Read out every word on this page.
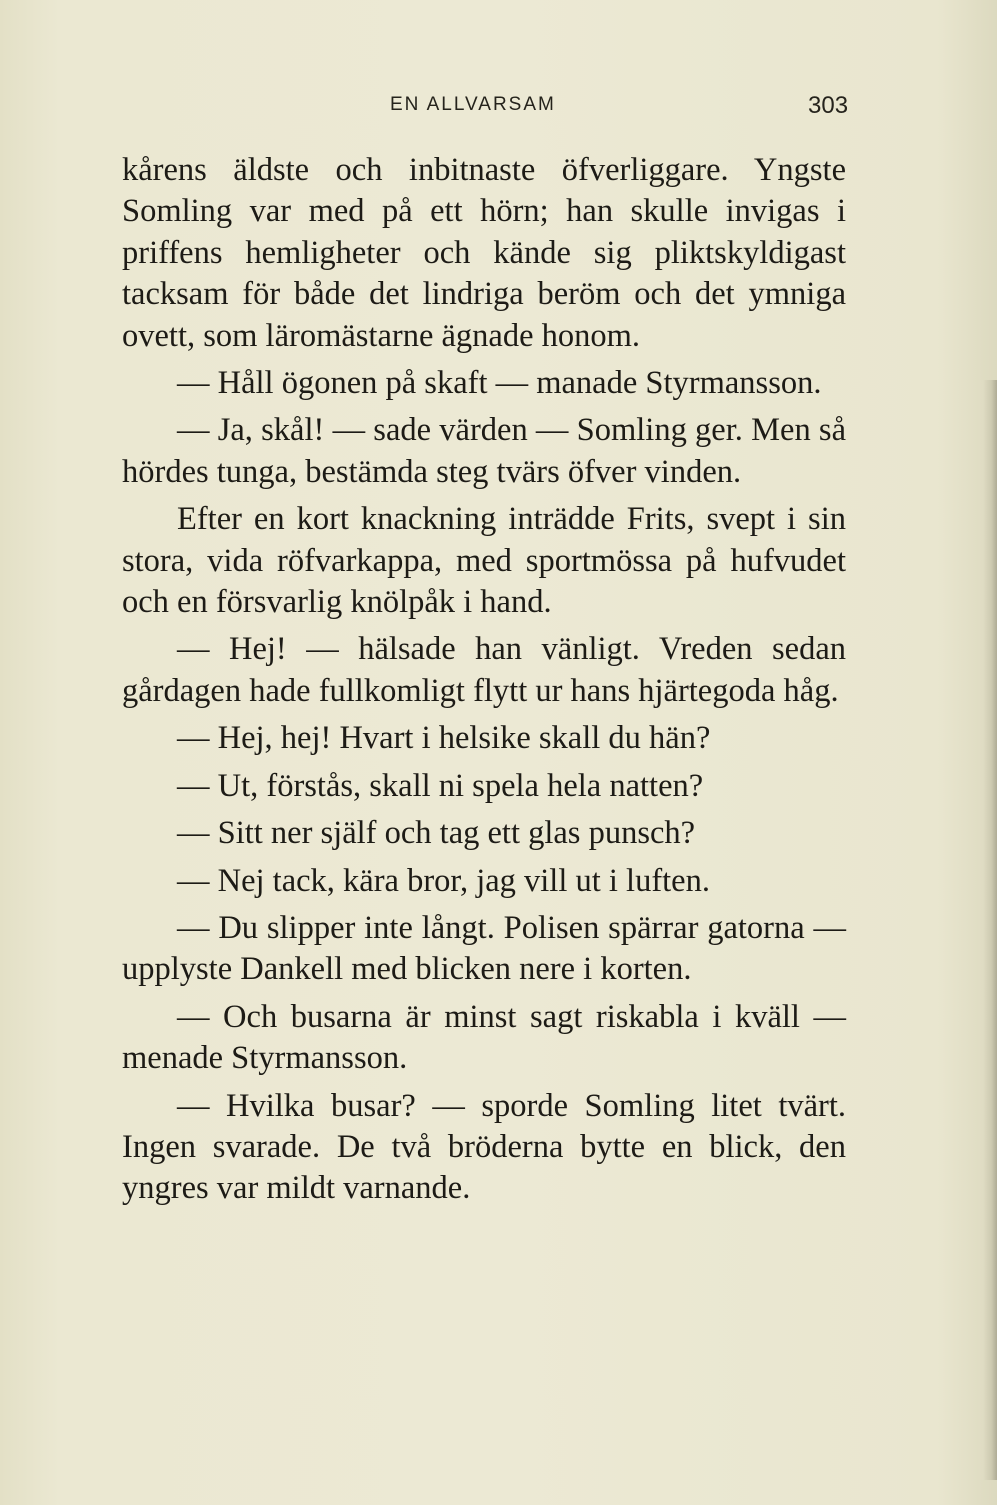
EN ALLVARSAM	303

kårens äldste och inbitnaste öfverliggare. Yngste Somling var med på ett hörn; han skulle invigas i priffens hemligheter och kände sig pliktskyldigast tacksam för både det lindriga beröm och det ymniga ovett, som läromästarne ägnade honom.

— Håll ögonen på skaft — manade Styrmansson.

— Ja, skål! — sade värden — Somling ger. Men så hördes tunga, bestämda steg tvärs öfver vinden.

Efter en kort knackning inträdde Frits, svept i sin stora, vida röfvarkappa, med sportmössa på hufvudet och en försvarlig knölpåk i hand.

— Hej! — hälsade han vänligt. Vreden sedan gårdagen hade fullkomligt flytt ur hans hjärtegoda håg.

— Hej, hej! Hvart i helsike skall du hän?

— Ut, förstås, skall ni spela hela natten?

— Sitt ner själf och tag ett glas punsch?

— Nej tack, kära bror, jag vill ut i luften.

— Du slipper inte långt. Polisen spärrar gatorna — upplyste Dankell med blicken nere i korten.

— Och busarna är minst sagt riskabla i kväll — menade Styrmansson.

— Hvilka busar? — sporde Somling litet tvärt. Ingen svarade. De två bröderna bytte en blick, den yngres var mildt varnande.
